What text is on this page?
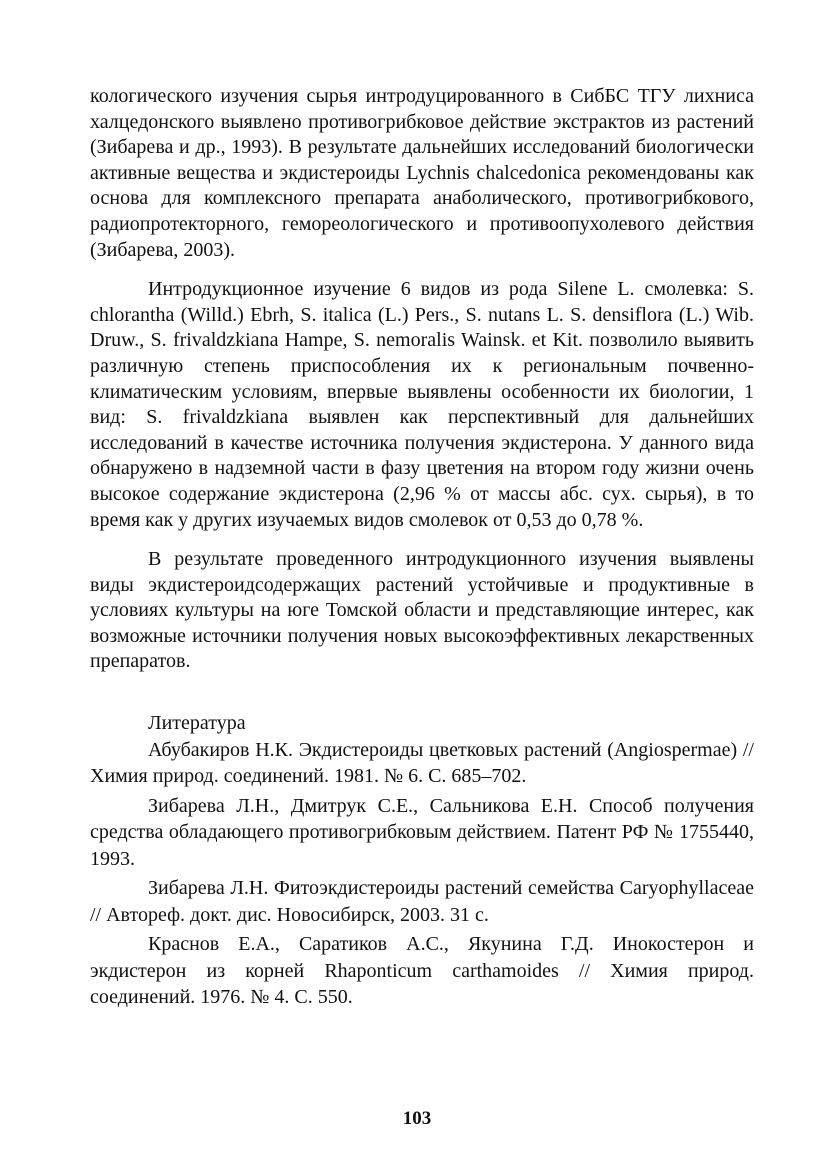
кологического изучения сырья интродуцированного в СибБС ТГУ лихниса халцедонского выявлено противогрибковое действие экстрактов из растений (Зибарева и др., 1993). В результате дальнейших исследований биологически активные вещества и экдистероиды Lychnis chalcedonica рекомендованы как основа для комплексного препарата анаболического, противогрибкового, радиопротекторного, гемореологического и противоопухолевого действия (Зибарева, 2003).

Интродукционное изучение 6 видов из рода Silene L. смолевка: S. chlorantha (Willd.) Ebrh, S. italica (L.) Pers., S. nutans L. S. densiflora (L.) Wib. Druw., S. frivaldzkiana Hampe, S. nemoralis Wainsk. et Kit. позволило выявить различную степень приспособления их к региональным почвенно-климатическим условиям, впервые выявлены особенности их биологии, 1 вид: S. frivaldzkiana выявлен как перспективный для дальнейших исследований в качестве источника получения экдистерона. У данного вида обнаружено в надземной части в фазу цветения на втором году жизни очень высокое содержание экдистерона (2,96 % от массы абс. сух. сырья), в то время как у других изучаемых видов смолевок от 0,53 до 0,78 %.

В результате проведенного интродукционного изучения выявлены виды экдистероидсодержащих растений устойчивые и продуктивные в условиях культуры на юге Томской области и представляющие интерес, как возможные источники получения новых высокоэффективных лекарственных препаратов.

Литература

Абубакиров Н.К. Экдистероиды цветковых растений (Angiospermae) // Химия природ. соединений. 1981. № 6. С. 685–702.

Зибарева Л.Н., Дмитрук С.Е., Сальникова Е.Н. Способ получения средства обладающего противогрибковым действием. Патент РФ № 1755440, 1993.

Зибарева Л.Н. Фитоэкдистероиды растений семейства Caryophyllaceae // Автореф. докт. дис. Новосибирск, 2003. 31 с.

Краснов Е.А., Саратиков А.С., Якунина Г.Д. Инокостерон и экдистерон из корней Rhaponticum carthamoides // Химия природ. соединений. 1976. № 4. С. 550.

103
